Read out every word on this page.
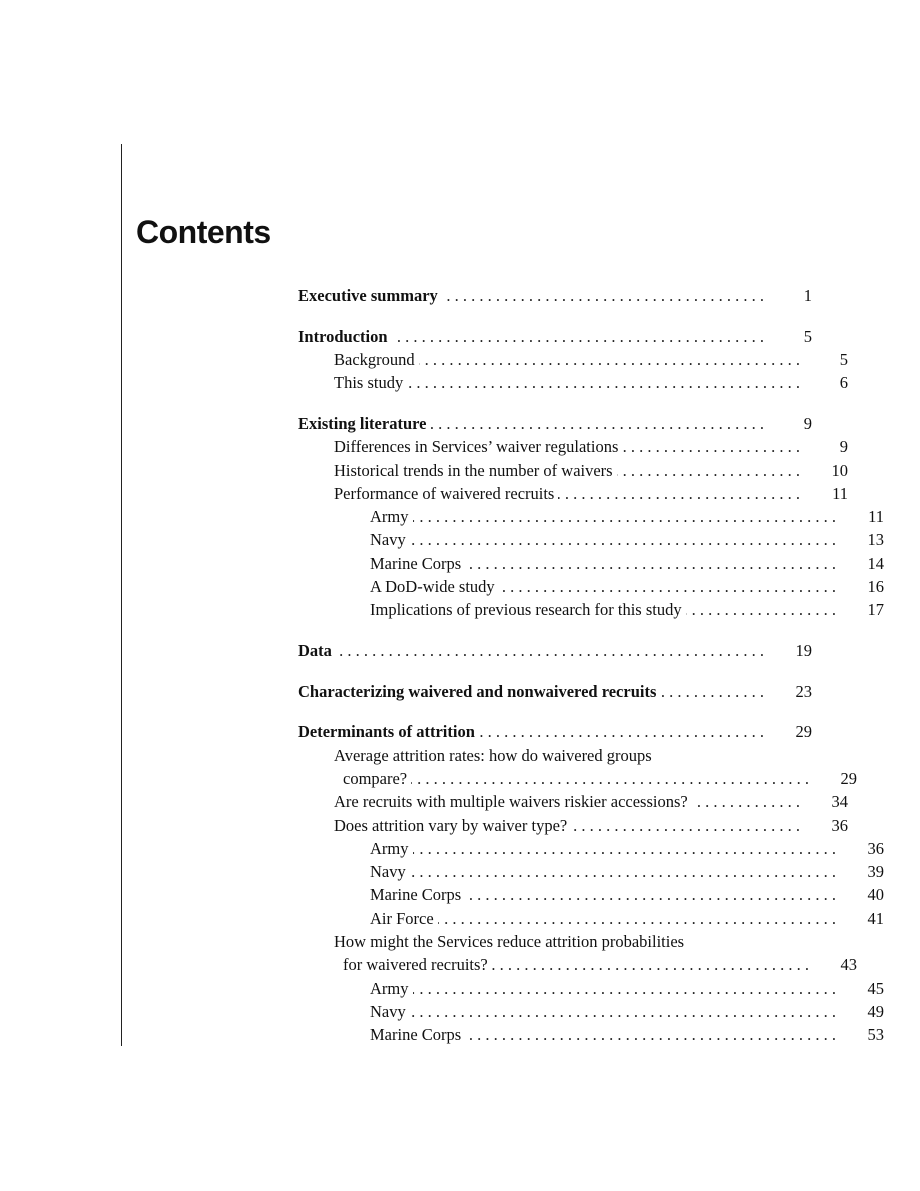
Contents
Executive summary . . .	1
Introduction . . .	5
Background . . .	5
This study . . .	6
Existing literature . . .	9
Differences in Services’ waiver regulations . . .	9
Historical trends in the number of waivers . . .	10
Performance of waivered recruits . . .	11
Army . . .	11
Navy . . .	13
Marine Corps . . .	14
A DoD-wide study . . .	16
Implications of previous research for this study . . .	17
Data . . .	19
Characterizing waivered and nonwaivered recruits . . .	23
Determinants of attrition . . .	29
Average attrition rates: how do waivered groups
compare? . . .	29
Are recruits with multiple waivers riskier accessions? . . .	34
Does attrition vary by waiver type? . . .	36
Army . . .	36
Navy . . .	39
Marine Corps . . .	40
Air Force . . .	41
How might the Services reduce attrition probabilities
for waivered recruits? . . .	43
Army . . .	45
Navy . . .	49
Marine Corps . . .	53
